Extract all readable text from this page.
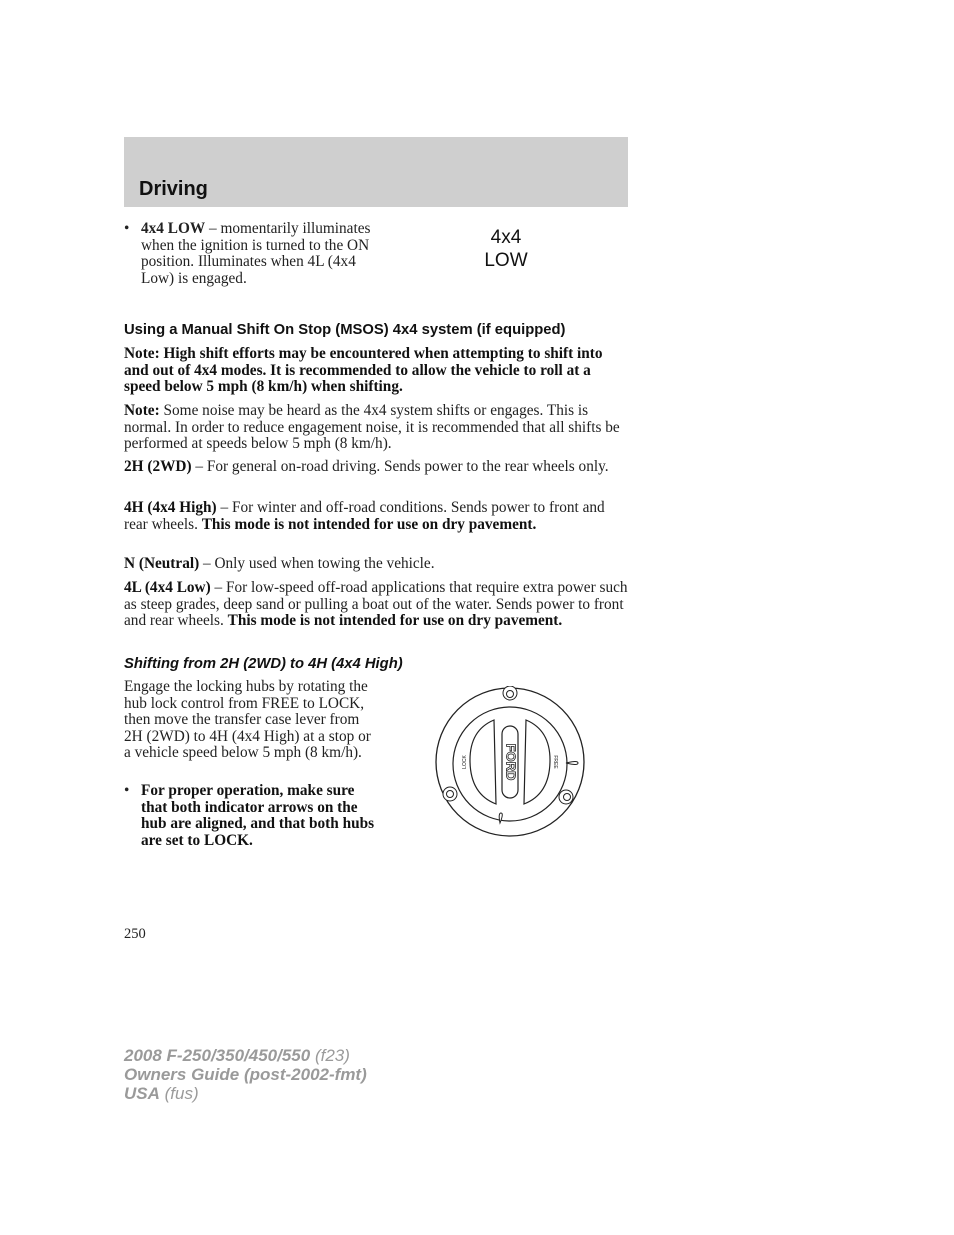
Driving
• 4x4 LOW – momentarily illuminates when the ignition is turned to the ON position. Illuminates when 4L (4x4 Low) is engaged.
4x4
LOW
Using a Manual Shift On Stop (MSOS) 4x4 system (if equipped)

Note: High shift efforts may be encountered when attempting to shift into and out of 4x4 modes. It is recommended to allow the vehicle to roll at a speed below 5 mph (8 km/h) when shifting.

Note: Some noise may be heard as the 4x4 system shifts or engages. This is normal. In order to reduce engagement noise, it is recommended that all shifts be performed at speeds below 5 mph (8 km/h).

2H (2WD) – For general on-road driving. Sends power to the rear wheels only.

4H (4x4 High) – For winter and off-road conditions. Sends power to front and rear wheels. This mode is not intended for use on dry pavement.

N (Neutral) – Only used when towing the vehicle.

4L (4x4 Low) – For low-speed off-road applications that require extra power such as steep grades, deep sand or pulling a boat out of the water. Sends power to front and rear wheels. This mode is not intended for use on dry pavement.

Shifting from 2H (2WD) to 4H (4x4 High)

Engage the locking hubs by rotating the hub lock control from FREE to LOCK, then move the transfer case lever from 2H (2WD) to 4H (4x4 High) at a stop or a vehicle speed below 5 mph (8 km/h).

• For proper operation, make sure that both indicator arrows on the hub are aligned, and that both hubs are set to LOCK.
FORD
LOCK	FREE
250
2008 F-250/350/450/550 (f23)
Owners Guide (post-2002-fmt)
USA (fus)
